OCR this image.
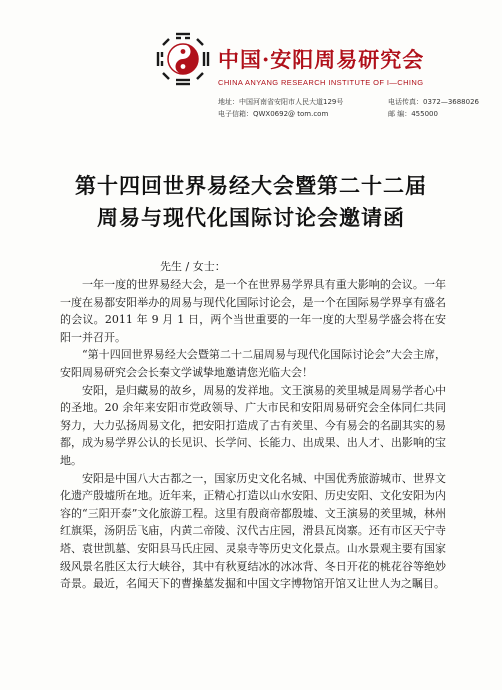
中国·安阳周易研究会
CHINA ANYANG RESEARCH INSTITUTE OF I—CHING
地址：中国河南省安阳市人民大道129号	电话传真：0372—3688026
电子信箱：QWX0692@ tom.com	邮 编：455000
第十四回世界易经大会暨第二十二届
周易与现代化国际讨论会邀请函
先生 / 女士：

一年一度的世界易经大会，是一个在世界易学界具有重大影响的会议。一年一度在易都安阳举办的周易与现代化国际讨论会，是一个在国际易学界享有盛名的会议。2011 年 9 月 1 日，两个当世重要的一年一度的大型易学盛会将在安阳一并召开。

“第十四回世界易经大会暨第二十二届周易与现代化国际讨论会”大会主席，安阳周易研究会会长秦文学诚挚地邀请您光临大会！

安阳，是归藏易的故乡，周易的发祥地。文王演易的羑里城是周易学者心中的圣地。20 余年来安阳市党政领导、广大市民和安阳周易研究会全体同仁共同努力，大力弘扬周易文化，把安阳打造成了古有羑里、今有易会的名副其实的易都，成为易学界公认的长见识、长学问、长能力、出成果、出人才、出影响的宝地。

安阳是中国八大古都之一，国家历史文化名城、中国优秀旅游城市、世界文化遗产殷墟所在地。近年来，正精心打造以山水安阳、历史安阳、文化安阳为内容的“三阳开泰”文化旅游工程。这里有殷商帝都殷墟、文王演易的羑里城，林州红旗渠，汤阴岳飞庙，内黄二帝陵、汉代古庄园，滑县瓦岗寨。还有市区天宁寺塔、袁世凯墓、安阳县马氏庄园、灵泉寺等历史文化景点。山水景观主要有国家级风景名胜区太行大峡谷，其中有秋夏结冰的冰冰背、冬日开花的桃花谷等绝妙奇景。最近，名闻天下的曹操墓发掘和中国文字博物馆开馆又让世人为之瞩目。
